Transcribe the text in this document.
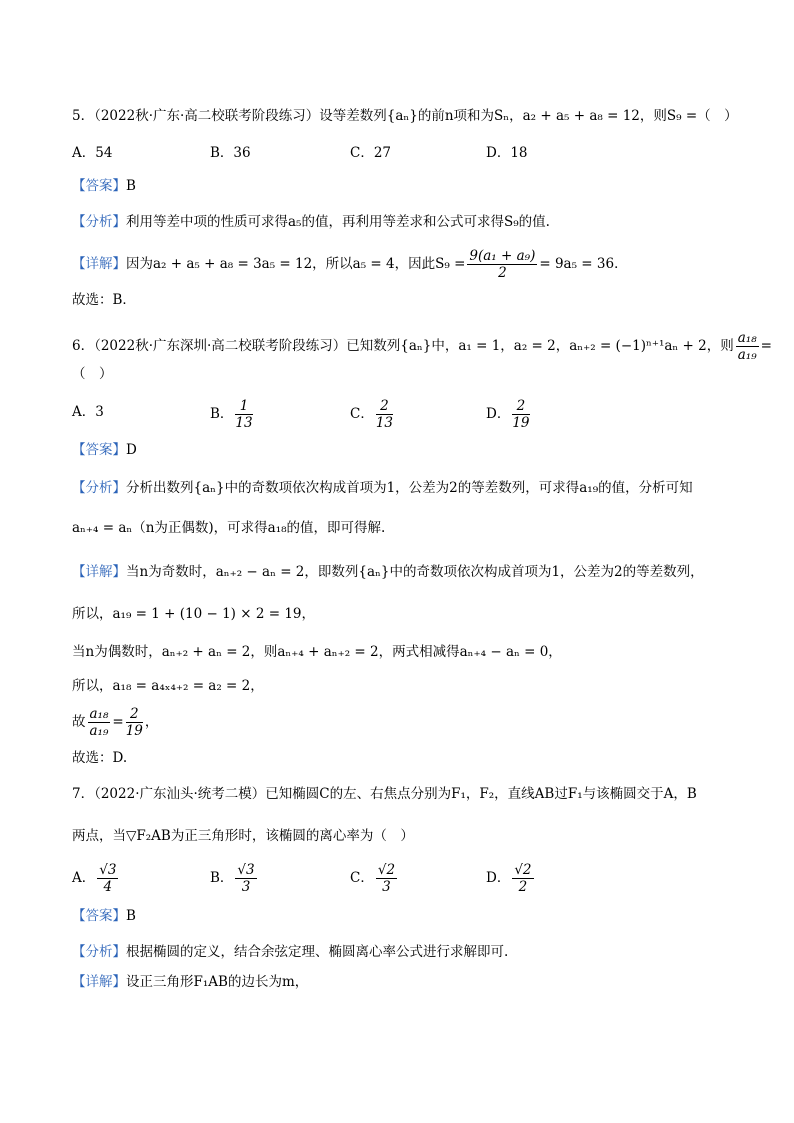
5．（2022秋·广东·高二校联考阶段练习）设等差数列{aₙ}的前n项和为Sₙ，a₂ + a₅ + a₈ = 12，则S₉ =（　）
A．54	B．36	C．27	D．18
【答案】B
【分析】利用等差中项的性质可求得a₅的值，再利用等差求和公式可求得S₉的值.
【详解】因为a₂ + a₅ + a₈ = 3a₅ = 12，所以a₅ = 4，因此$S_9 = \frac{\text{9(a₁ + a₉)}}{2} = 9a_5 = 36$．
故选：B．
6．（2022秋·广东深圳·高二校联考阶段练习）已知数列{aₙ}中，a₁ = 1，a₂ = 2，aₙ₊₂ = (−1)ⁿ⁺¹aₙ + 2，则 $\frac{\text{a₁₈}}{\text{a₁₉}}$ =
（　）
A．3	B． $\frac{1}{13}$	C． $\frac{2}{13}$	D． $\frac{2}{19}$
【答案】D
【分析】分析出数列{aₙ}中的奇数项依次构成首项为1，公差为2的等差数列，可求得a₁₉的值，分析可知
aₙ₊₄ = aₙ（n为正偶数)，可求得a₁₈的值，即可得解.
【详解】当n为奇数时，aₙ₊₂ − aₙ = 2，即数列{aₙ}中的奇数项依次构成首项为1，公差为2的等差数列，
所以，a₁₉ = 1 + (10 − 1) × 2 = 19，
当n为偶数时，aₙ₊₂ + aₙ = 2，则aₙ₊₄ + aₙ₊₂ = 2，两式相减得aₙ₊₄ − aₙ = 0，
所以，a₁₈ = a₄ₓ₄₊₂ = a₂ = 2，
故 $\frac{\text{a₁₈}}{\text{a₁₉}} = \frac{2}{19}$ ，
故选：D.
7．（2022·广东汕头·统考二模）已知椭圆C的左、右焦点分别为F₁，F₂，直线AB过F₁与该椭圆交于A，B
两点，当▽F₂AB为正三角形时，该椭圆的离心率为（　）
A． $\frac{√3}{4}$	B． $\frac{√3}{3}$	C． $\frac{√2}{3}$	D． $\frac{√2}{2}$
【答案】B
【分析】根据椭圆的定义，结合余弦定理、椭圆离心率公式进行求解即可.
【详解】设正三角形F₁AB的边长为m，
